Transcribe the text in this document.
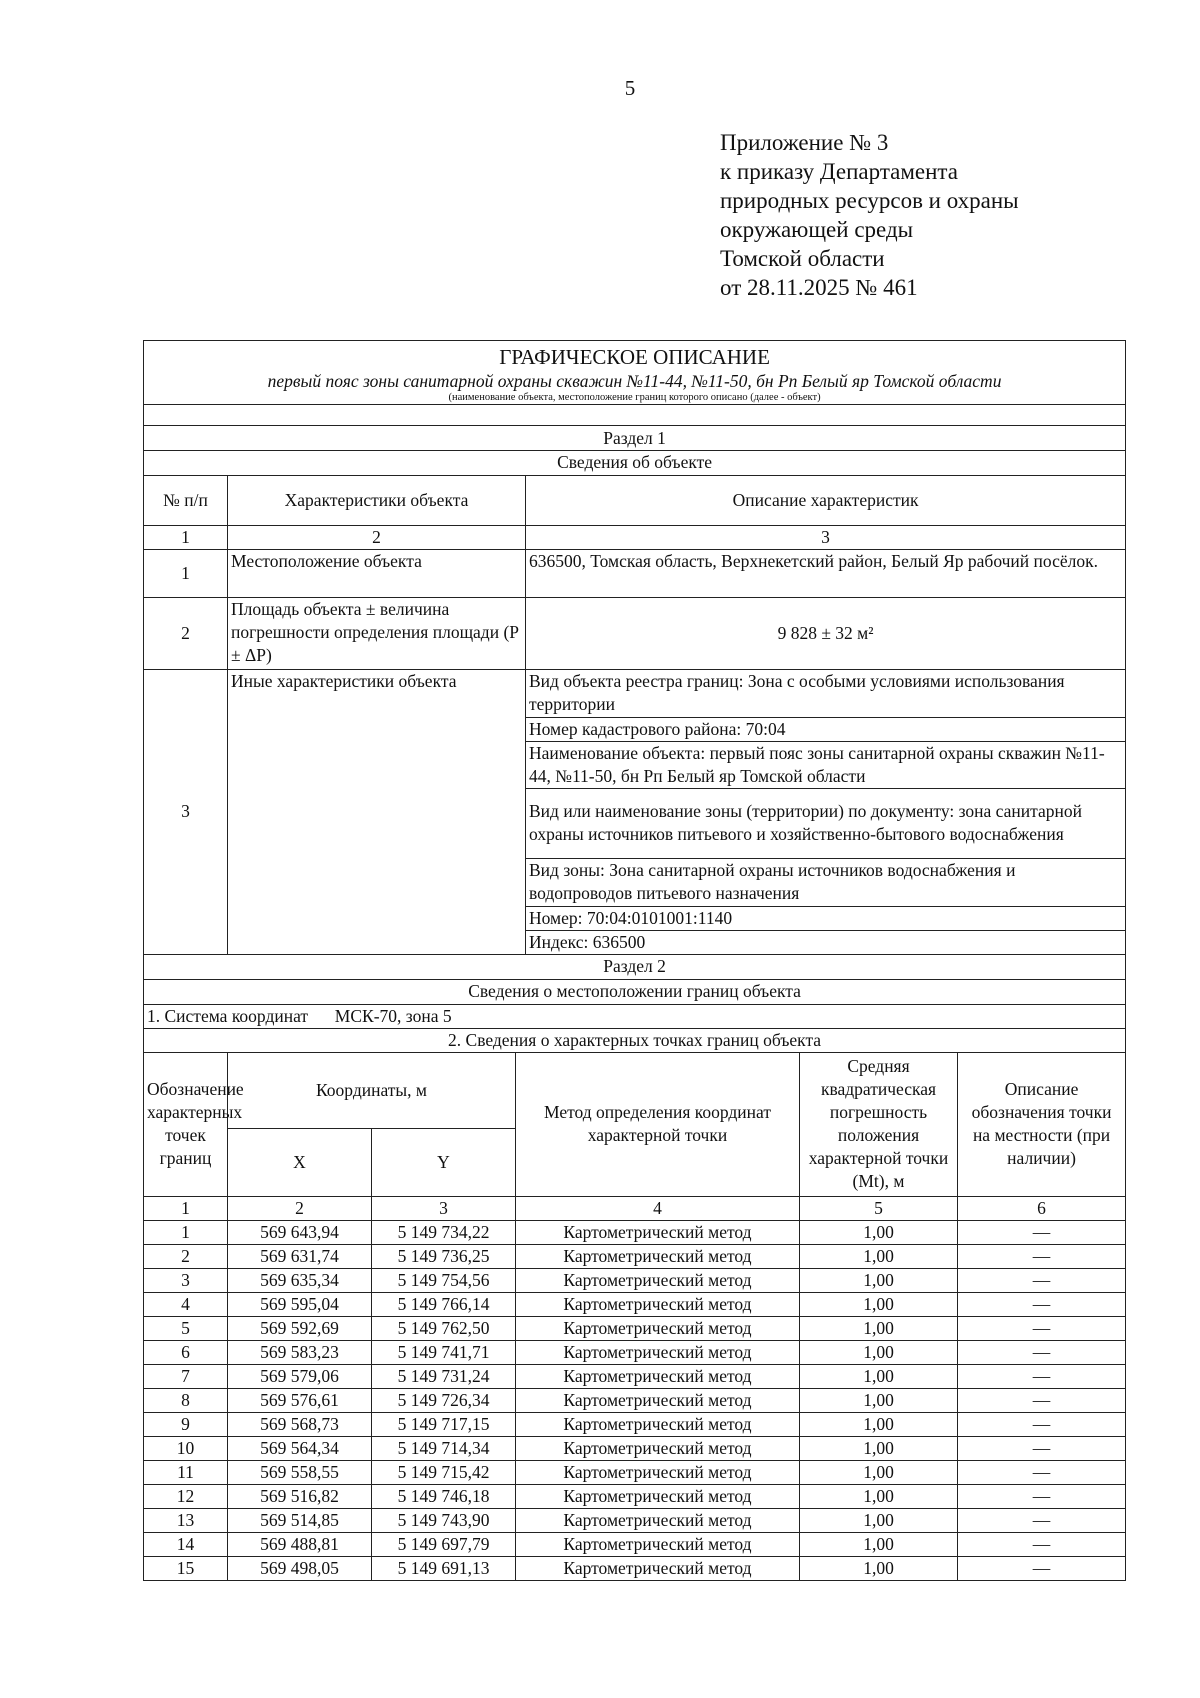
5
Приложение № 3
к приказу Департамента
природных ресурсов и охраны
окружающей среды
Томской области
от 28.11.2025 № 461
ГРАФИЧЕСКОЕ ОПИСАНИЕ						
первый пояс зоны санитарной охраны скважин №11-44, №11-50, бн Рп Белый яр Томской области						
(наименование объекта, местоположение границ которого описано (далее - объект)						

Раздел 1						
Сведения об объекте						
№ п/п	Характеристики объекта			Описание характеристик		
1	2			3		
1	Местоположение объекта			636500, Томская область, Верхнекетский район, Белый Яр рабочий посёлок.		
2	Площадь объекта ± величина погрешности определения площади (Р ± ΔР)			9 828 ± 32 м²		
3	Иные характеристики объекта			Вид объекта реестра границ: Зона с особыми условиями использования территории		
				Номер кадастрового района: 70:04		
				Наименование объекта: первый пояс зоны санитарной охраны скважин №11-44, №11-50, бн Рп Белый яр Томской области		
				Вид или наименование зоны (территории) по документу: зона санитарной охраны источников питьевого и хозяйственно-бытового водоснабжения		
				Вид зоны: Зона санитарной охраны источников водоснабжения и водопроводов питьевого назначения		
				Номер: 70:04:0101001:1140		
				Индекс: 636500		
Раздел 2						
Сведения о местоположении границ объекта						
1. Система координат МСК-70, зона 5						
2. Сведения о характерных точках границ объекта						
Обозначение характерных точек границ	Координаты, м		Метод определения координат характерной точки		Средняя квадратическая погрешность положения характерной точки (Mt), м	Описание обозначения точки на местности (при наличии)
	X	Y				
1	2	3	4		5	6
1	569 643,94	5 149 734,22	Картометрический метод		1,00	—
2	569 631,74	5 149 736,25	Картометрический метод		1,00	—
3	569 635,34	5 149 754,56	Картометрический метод		1,00	—
4	569 595,04	5 149 766,14	Картометрический метод		1,00	—
5	569 592,69	5 149 762,50	Картометрический метод		1,00	—
6	569 583,23	5 149 741,71	Картометрический метод		1,00	—
7	569 579,06	5 149 731,24	Картометрический метод		1,00	—
8	569 576,61	5 149 726,34	Картометрический метод		1,00	—
9	569 568,73	5 149 717,15	Картометрический метод		1,00	—
10	569 564,34	5 149 714,34	Картометрический метод		1,00	—
11	569 558,55	5 149 715,42	Картометрический метод		1,00	—
12	569 516,82	5 149 746,18	Картометрический метод		1,00	—
13	569 514,85	5 149 743,90	Картометрический метод		1,00	—
14	569 488,81	5 149 697,79	Картометрический метод		1,00	—
15	569 498,05	5 149 691,13	Картометрический метод		1,00	—
